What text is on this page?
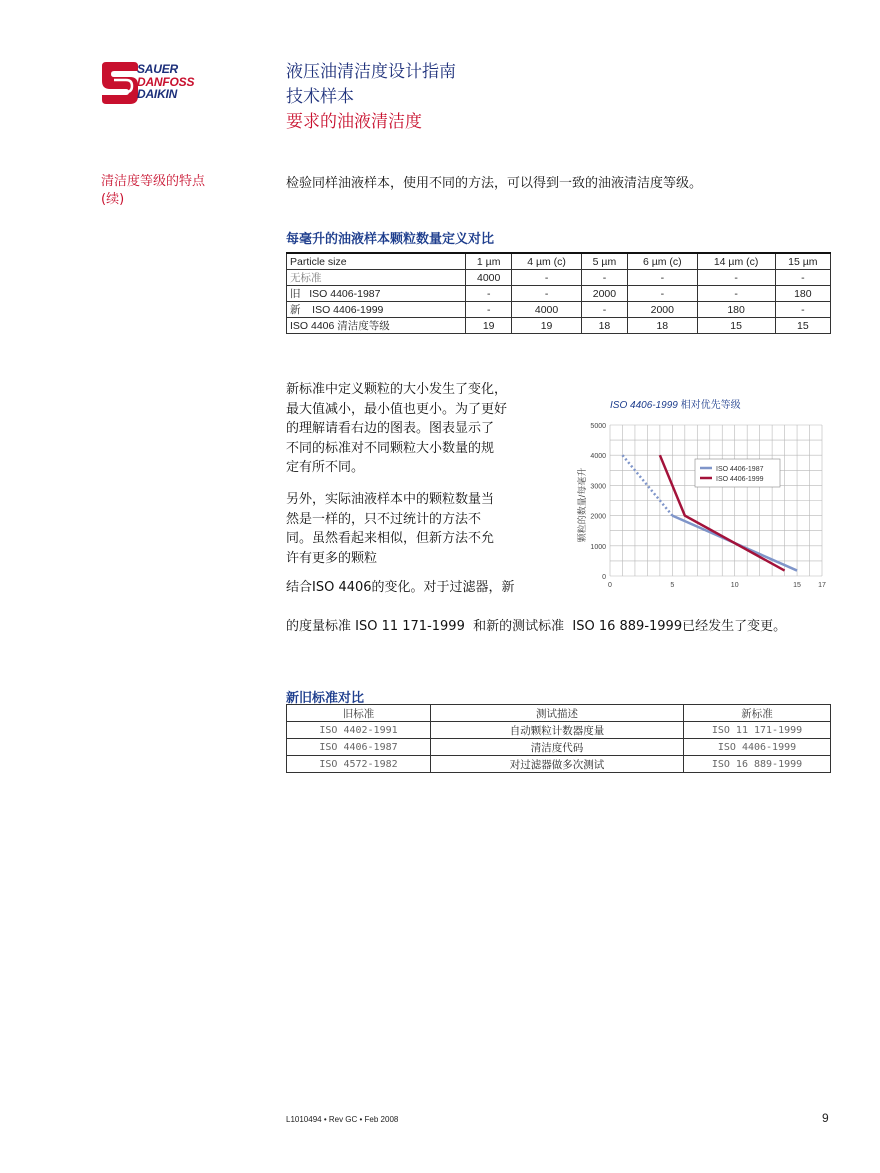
SAUER
DANFOSS
DAIKIN
液压油清洁度设计指南
技术样本
要求的油液清洁度
清洁度等级的特点
(续)
检验同样油液样本，使用不同的方法，可以得到一致的油液清洁度等级。
每毫升的油液样本颗粒数量定义对比
Particle size	1 µm	4 µm (c)	5 µm	6 µm (c)	14 µm (c)	15 µm
无标准	4000	-	-	-	-	-
旧   ISO 4406-1987	-	-	2000	-	-	180
新    ISO 4406-1999	-	4000	-	2000	180	-
ISO 4406 清洁度等级	19	19	18	18	15	15
新标准中定义颗粒的大小发生了变化，
最大值减小，最小值也更小。为了更好
的理解请看右边的图表。图表显示了
不同的标准对不同颗粒大小数量的规
定有所不同。
另外，实际油液样本中的颗粒数量当
然是一样的，只不过统计的方法不
同。虽然看起来相似，但新方法不允
许有更多的颗粒
结合ISO 4406的变化。对于过滤器，新
的度量标准 ISO 11 171-1999  和新的测试标准  ISO 16 889-1999已经发生了变更。
ISO 4406-1999 相对优先等级
0
1000
2000
3000
4000
5000
0	5	10	15 17
ISO 4406-1987
ISO 4406-1999
颗粒的数量/每毫升
新旧标准对比
旧标准	测试描述	新标准
ISO 4402-1991	自动颗粒计数器度量	ISO 11 171-1999
ISO 4406-1987	清洁度代码	ISO 4406-1999
ISO 4572-1982	对过滤器做多次测试	ISO 16 889-1999
L1010494 • Rev GC • Feb 2008	9
